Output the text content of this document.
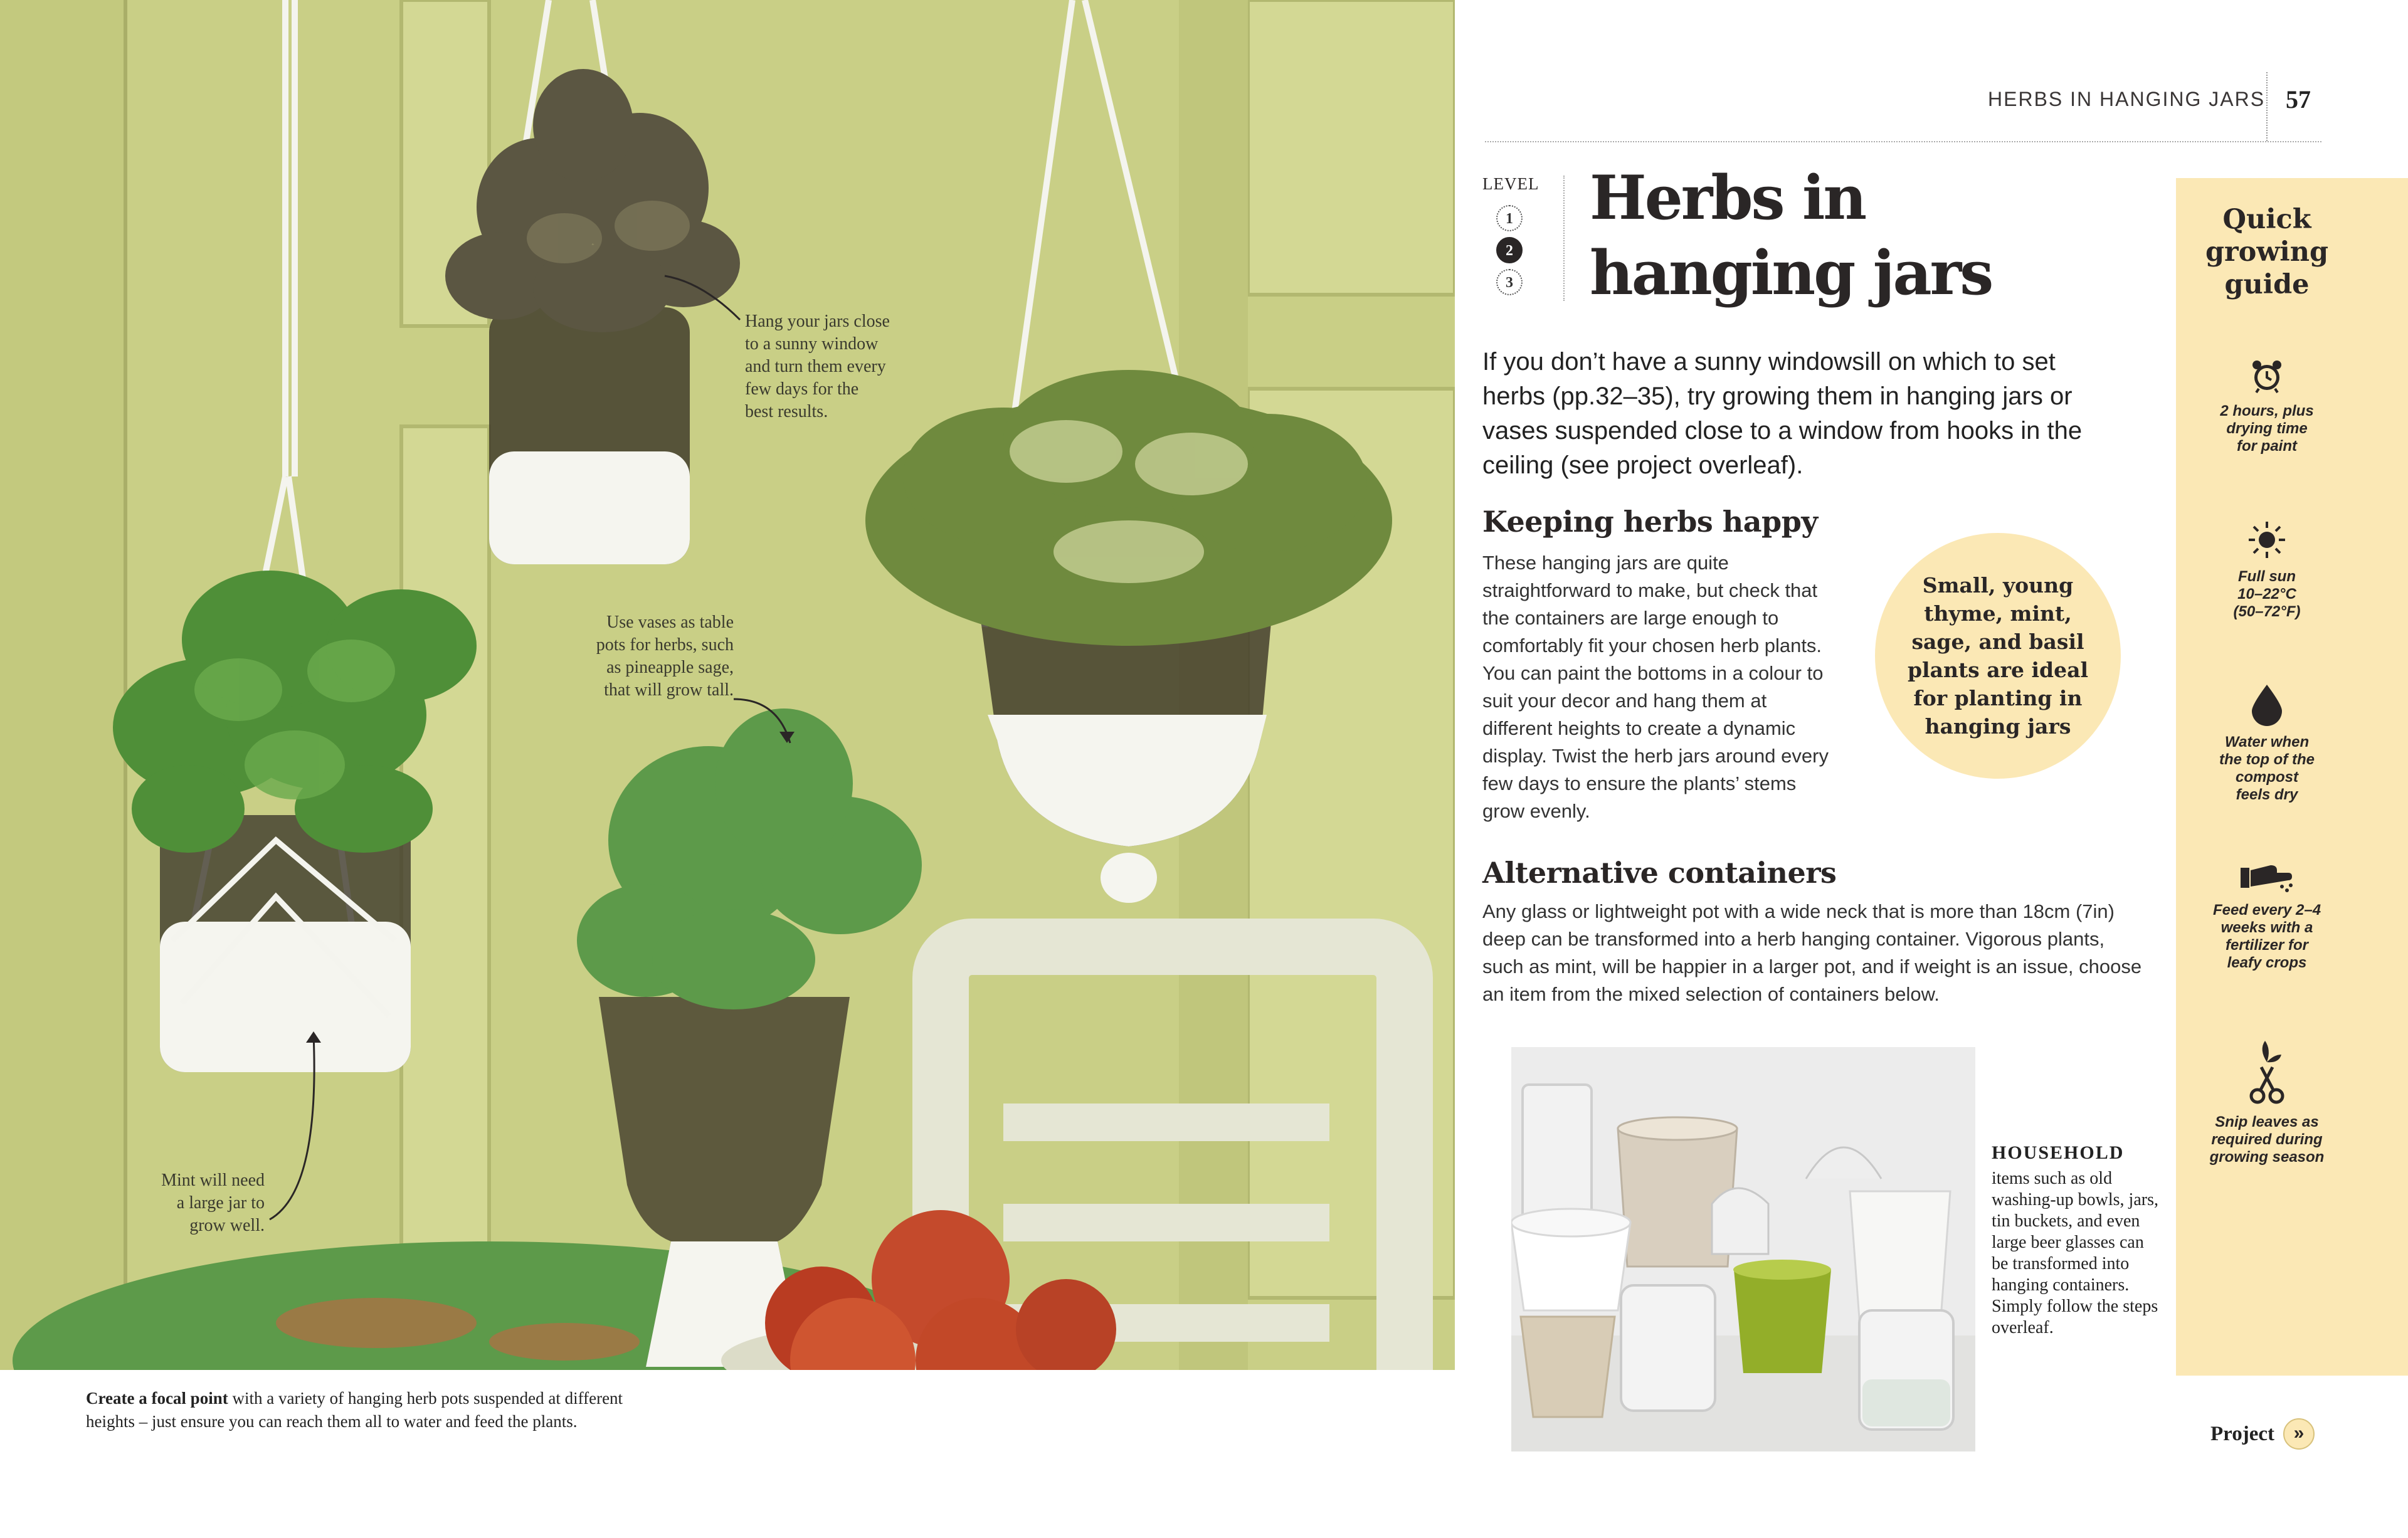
Hang your jars close
to a sunny window
and turn them every
few days for the
best results.
Use vases as table
pots for herbs, such
as pineapple sage,
that will grow tall.
Mint will need
a large jar to
grow well.
Create a focal point with a variety of hanging herb pots suspended at different heights – just ensure you can reach them all to water and feed the plants.
HERBS IN HANGING JARS 57
LEVEL
1
2
3
Herbs in hanging jars

If you don’t have a sunny windowsill on which to set herbs (pp.32–35), try growing them in hanging jars or vases suspended close to a window from hooks in the ceiling (see project overleaf).

Keeping herbs happy

These hanging jars are quite straightforward to make, but check that the containers are large enough to comfortably fit your chosen herb plants. You can paint the bottoms in a colour to suit your decor and hang them at different heights to create a dynamic display. Twist the herb jars around every few days to ensure the plants’ stems grow evenly.

Small, young thyme, mint, sage, and basil plants are ideal for planting in hanging jars
Alternative containers

Any glass or lightweight pot with a wide neck that is more than 18cm (7in) deep can be transformed into a herb hanging container. Vigorous plants, such as mint, will be happier in a larger pot, and if weight is an issue, choose an item from the mixed selection of containers below.

HOUSEHOLD

items such as old washing-up bowls, jars, tin buckets, and even large beer glasses can be transformed into hanging containers. Simply follow the steps overleaf.

Project	»
Quick growing guide
2 hours, plus
drying time
for paint
Full sun
10–22°C
(50–72°F)
Water when
the top of the
compost
feels dry
Feed every 2–4
weeks with a
fertilizer for
leafy crops
Snip leaves as
required during
growing season
